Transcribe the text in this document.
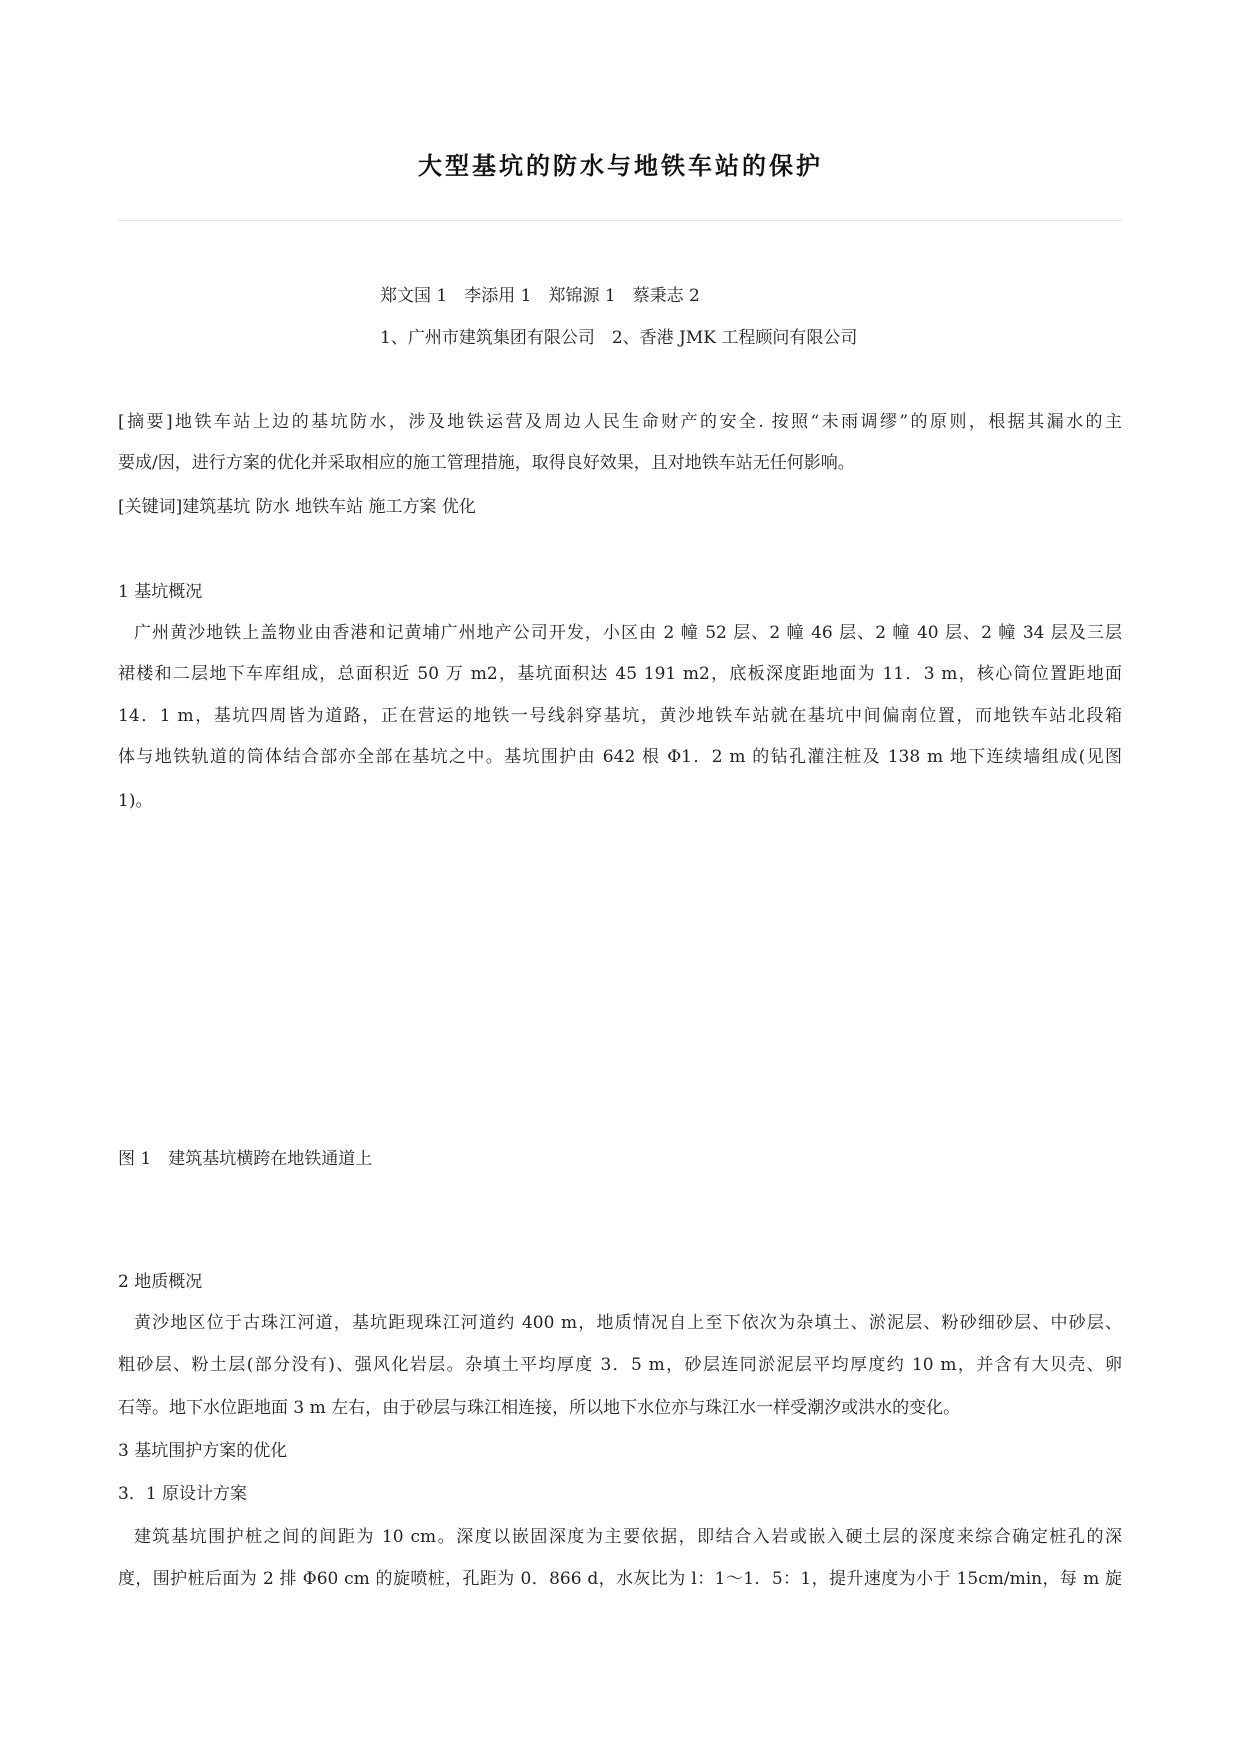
大型基坑的防水与地铁车站的保护
郑文国 1　李添用 1　郑锦源 1　蔡秉志 2
1、广州市建筑集团有限公司　2、香港 JMK 工程顾问有限公司
[摘要]地铁车站上边的基坑防水，涉及地铁运营及周边人民生命财产的安全. 按照“未雨调缪”的原则，根据其漏水的主
要成/因，进行方案的优化并采取相应的施工管理措施，取得良好效果，且对地铁车站无任何影响。
[关键词]建筑基坑 防水 地铁车站 施工方案 优化
1 基坑概况
广州黄沙地铁上盖物业由香港和记黄埔广州地产公司开发，小区由 2 幢 52 层、2 幢 46 层、2 幢 40 层、2 幢 34 层及三层
裙楼和二层地下车库组成，总面积近 50 万 m2，基坑面积达 45 191 m2，底板深度距地面为 11．3 m，核心筒位置距地面
14．1 m，基坑四周皆为道路，正在营运的地铁一号线斜穿基坑，黄沙地铁车站就在基坑中间偏南位置，而地铁车站北段箱
体与地铁轨道的筒体结合部亦全部在基坑之中。基坑围护由 642 根 Φ1．2 m 的钻孔灌注桩及 138 m 地下连续墙组成(见图
1)。
图 1　建筑基坑横跨在地铁通道上
2 地质概况
黄沙地区位于古珠江河道，基坑距现珠江河道约 400 m，地质情况自上至下依次为杂填土、淤泥层、粉砂细砂层、中砂层、
粗砂层、粉土层(部分没有)、强风化岩层。杂填土平均厚度 3．5 m，砂层连同淤泥层平均厚度约 10 m，并含有大贝壳、卵
石等。地下水位距地面 3 m 左右，由于砂层与珠江相连接，所以地下水位亦与珠江水一样受潮汐或洪水的变化。
3 基坑围护方案的优化
3．1 原设计方案
建筑基坑围护桩之间的间距为 10 cm。深度以嵌固深度为主要依据，即结合入岩或嵌入硬土层的深度来综合确定桩孔的深
度，围护桩后面为 2 排 Φ60 cm 的旋喷桩，孔距为 0．866 d，水灰比为 l：1～1．5：1，提升速度为小于 15cm/min，每 m 旋
